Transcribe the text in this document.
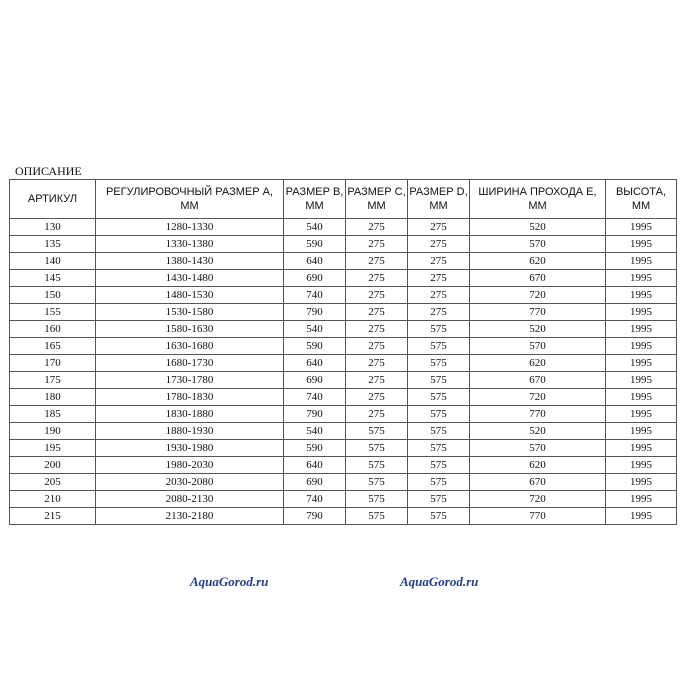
ОПИСАНИЕ
АРТИКУЛ	РЕГУЛИРОВОЧНЫЙ РАЗМЕР А, ММ	РАЗМЕР В, ММ	РАЗМЕР С, ММ	РАЗМЕР D, ММ	ШИРИНА ПРОХОДА Е, ММ	ВЫСОТА, ММ
130	1280-1330	540	275	275	520	1995
135	1330-1380	590	275	275	570	1995
140	1380-1430	640	275	275	620	1995
145	1430-1480	690	275	275	670	1995
150	1480-1530	740	275	275	720	1995
155	1530-1580	790	275	275	770	1995
160	1580-1630	540	275	575	520	1995
165	1630-1680	590	275	575	570	1995
170	1680-1730	640	275	575	620	1995
175	1730-1780	690	275	575	670	1995
180	1780-1830	740	275	575	720	1995
185	1830-1880	790	275	575	770	1995
190	1880-1930	540	575	575	520	1995
195	1930-1980	590	575	575	570	1995
200	1980-2030	640	575	575	620	1995
205	2030-2080	690	575	575	670	1995
210	2080-2130	740	575	575	720	1995
215	2130-2180	790	575	575	770	1995
AquaGorod.ru	AquaGorod.ru
